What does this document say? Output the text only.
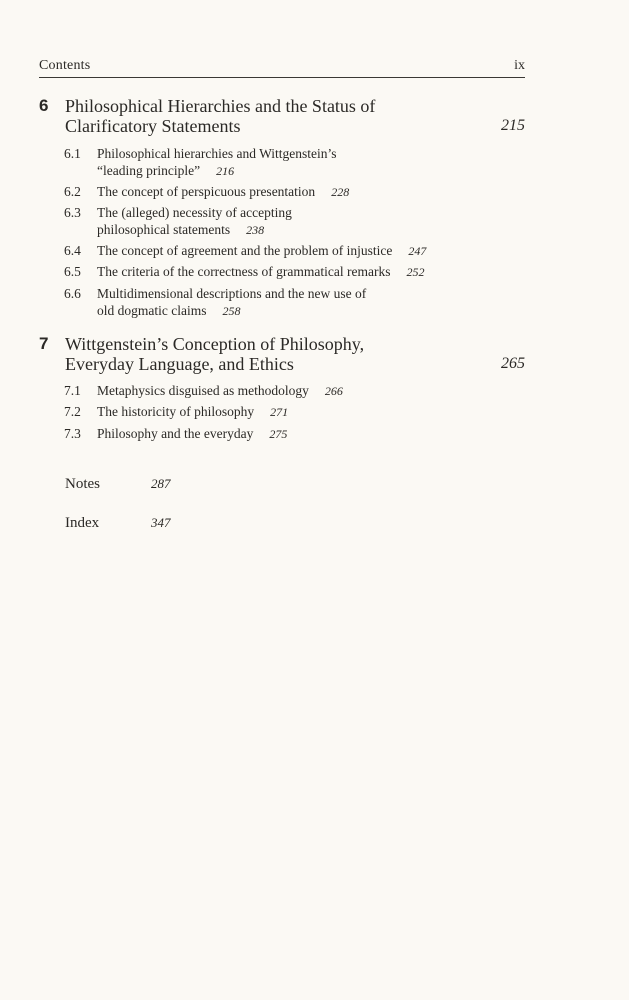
Contents	ix
6 Philosophical Hierarchies and the Status of
Clarificatory Statements	215
6.1 Philosophical hierarchies and Wittgenstein’s
“leading principle” 216
6.2 The concept of perspicuous presentation 228
6.3 The (alleged) necessity of accepting
philosophical statements 238
6.4 The concept of agreement and the problem of injustice 247
6.5 The criteria of the correctness of grammatical remarks 252
6.6 Multidimensional descriptions and the new use of
old dogmatic claims 258
7 Wittgenstein’s Conception of Philosophy,
Everyday Language, and Ethics	265
7.1 Metaphysics disguised as methodology 266
7.2 The historicity of philosophy 271
7.3 Philosophy and the everyday 275
Notes	287
Index	347
